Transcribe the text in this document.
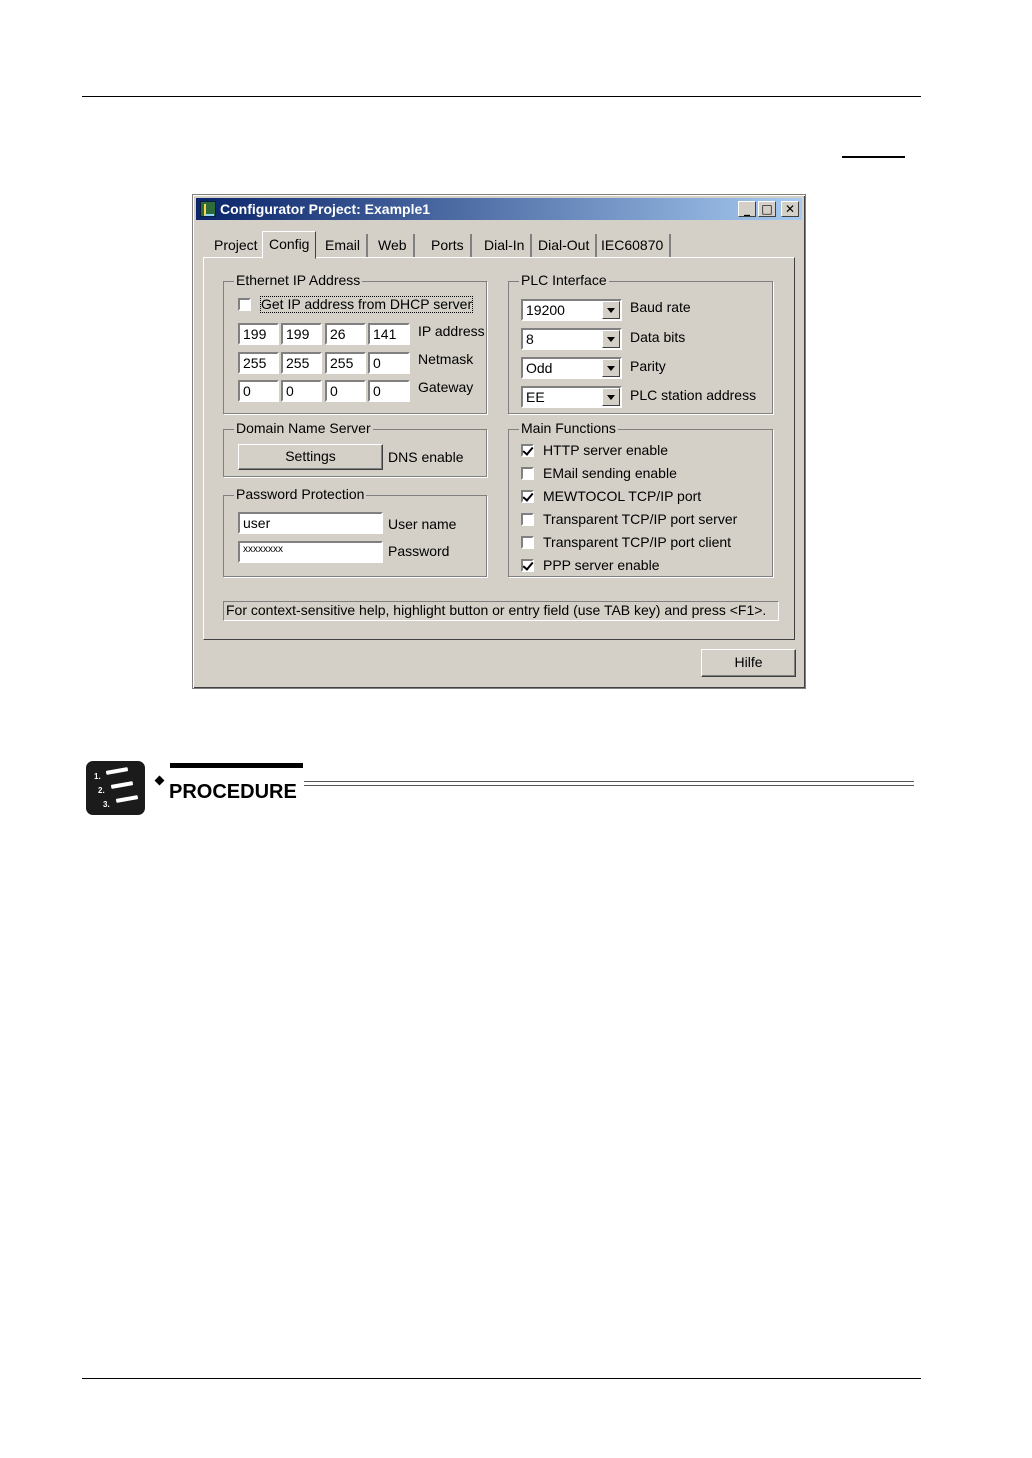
Configurator Project: Example1	_ □	✕
Project Config	Email	Web	Ports	Dial-In Dial-Out IEC60870
Ethernet IP Address
Get IP address from DHCP server
199	199	26	141	IP address
255	255	255	0	Netmask
0	0	0	0	Gateway
PLC Interface
19200	Baud rate
8	Data bits
Odd	Parity
EE	PLC station address
Domain Name Server
Settings	DNS enable
Password Protection
user	User name
xxxxxxxx	Password
Main Functions
HTTP server enable
EMail sending enable
MEWTOCOL TCP/IP port
Transparent TCP/IP port server
Transparent TCP/IP port client
PPP server enable
For context-sensitive help, highlight button or entry field (use TAB key) and press <F1>.
Hilfe
1.
2.
3.
PROCEDURE
